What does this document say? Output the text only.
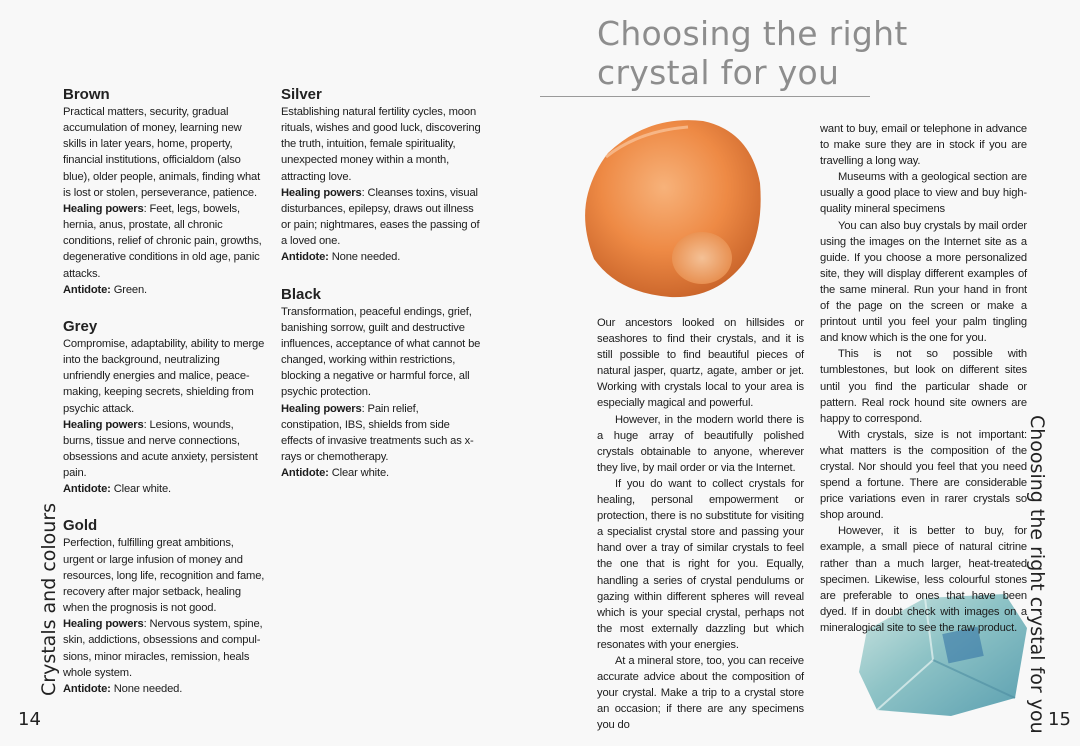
Brown

Practical matters, security, gradual accumulation of money, learning new skills in later years, home, property, financial institutions, officialdom (also blue), older people, animals, finding what is lost or stolen, perseverance, patience.
Healing powers: Feet, legs, bowels, hernia, anus, prostate, all chronic conditions, relief of chronic pain, growths, degenerative conditions in old age, panic attacks.
Antidote: Green.

Grey

Compromise, adaptability, ability to merge into the background, neutralizing unfriendly energies and malice, peace-making, keeping secrets, shielding from psychic attack.
Healing powers: Lesions, wounds, burns, tissue and nerve connections, obsessions and acute anxiety, persistent pain.
Antidote: Clear white.

Gold

Perfection, fulfilling great ambitions, urgent or large infusion of money and resources, long life, recognition and fame, recovery after major setback, healing when the prognosis is not good.
Healing powers: Nervous system, spine, skin, addictions, obsessions and compul-sions, minor miracles, remission, heals whole system.
Antidote: None needed.

Silver

Establishing natural fertility cycles, moon rituals, wishes and good luck, discovering the truth, intuition, female spirituality, unexpected money within a month, attracting love.
Healing powers: Cleanses toxins, visual disturbances, epilepsy, draws out illness or pain; nightmares, eases the passing of a loved one.
Antidote: None needed.

Black

Transformation, peaceful endings, grief, banishing sorrow, guilt and destructive influences, acceptance of what cannot be changed, working within restrictions, blocking a negative or harmful force, all psychic protection.
Healing powers: Pain relief, constipation, IBS, shields from side effects of invasive treatments such as x-rays or chemotherapy.
Antidote: Clear white.

Crystals and colours
14
Choosing the right
crystal for you

Our ancestors looked on hillsides or seashores to find their crystals, and it is still possible to find beautiful pieces of natural jasper, quartz, agate, amber or jet. Working with crystals local to your area is especially magical and powerful.

However, in the modern world there is a huge array of beautifully polished crystals obtainable to anyone, wherever they live, by mail order or via the Internet.

If you do want to collect crystals for healing, personal empowerment or protection, there is no substitute for visiting a specialist crystal store and passing your hand over a tray of similar crystals to feel the one that is right for you. Equally, handling a series of crystal pendulums or gazing within different spheres will reveal which is your special crystal, perhaps not the most externally dazzling but which resonates with your energies.

At a mineral store, too, you can receive accurate advice about the composition of your crystal. Make a trip to a crystal store an occasion; if there are any specimens you do

want to buy, email or telephone in advance to make sure they are in stock if you are travelling a long way.

Museums with a geological section are usually a good place to view and buy high-quality mineral specimens

You can also buy crystals by mail order using the images on the Internet site as a guide. If you choose a more personalized site, they will display different examples of the same mineral. Run your hand in front of the page on the screen or make a printout until you feel your palm tingling and know which is the one for you.

This is not so possible with tumblestones, but look on different sites until you find the particular shade or pattern. Real rock hound site owners are happy to correspond.

With crystals, size is not important: what matters is the composition of the crystal. Nor should you feel that you need spend a fortune. There are considerable price variations even in rarer crystals so shop around.

However, it is better to buy, for example, a small piece of natural citrine rather than a much larger, heat-treated specimen. Likewise, less colourful stones are preferable to ones that have been dyed. If in doubt check with images on a mineralogical site to see the raw product. Choosing the right crystal for you 15
